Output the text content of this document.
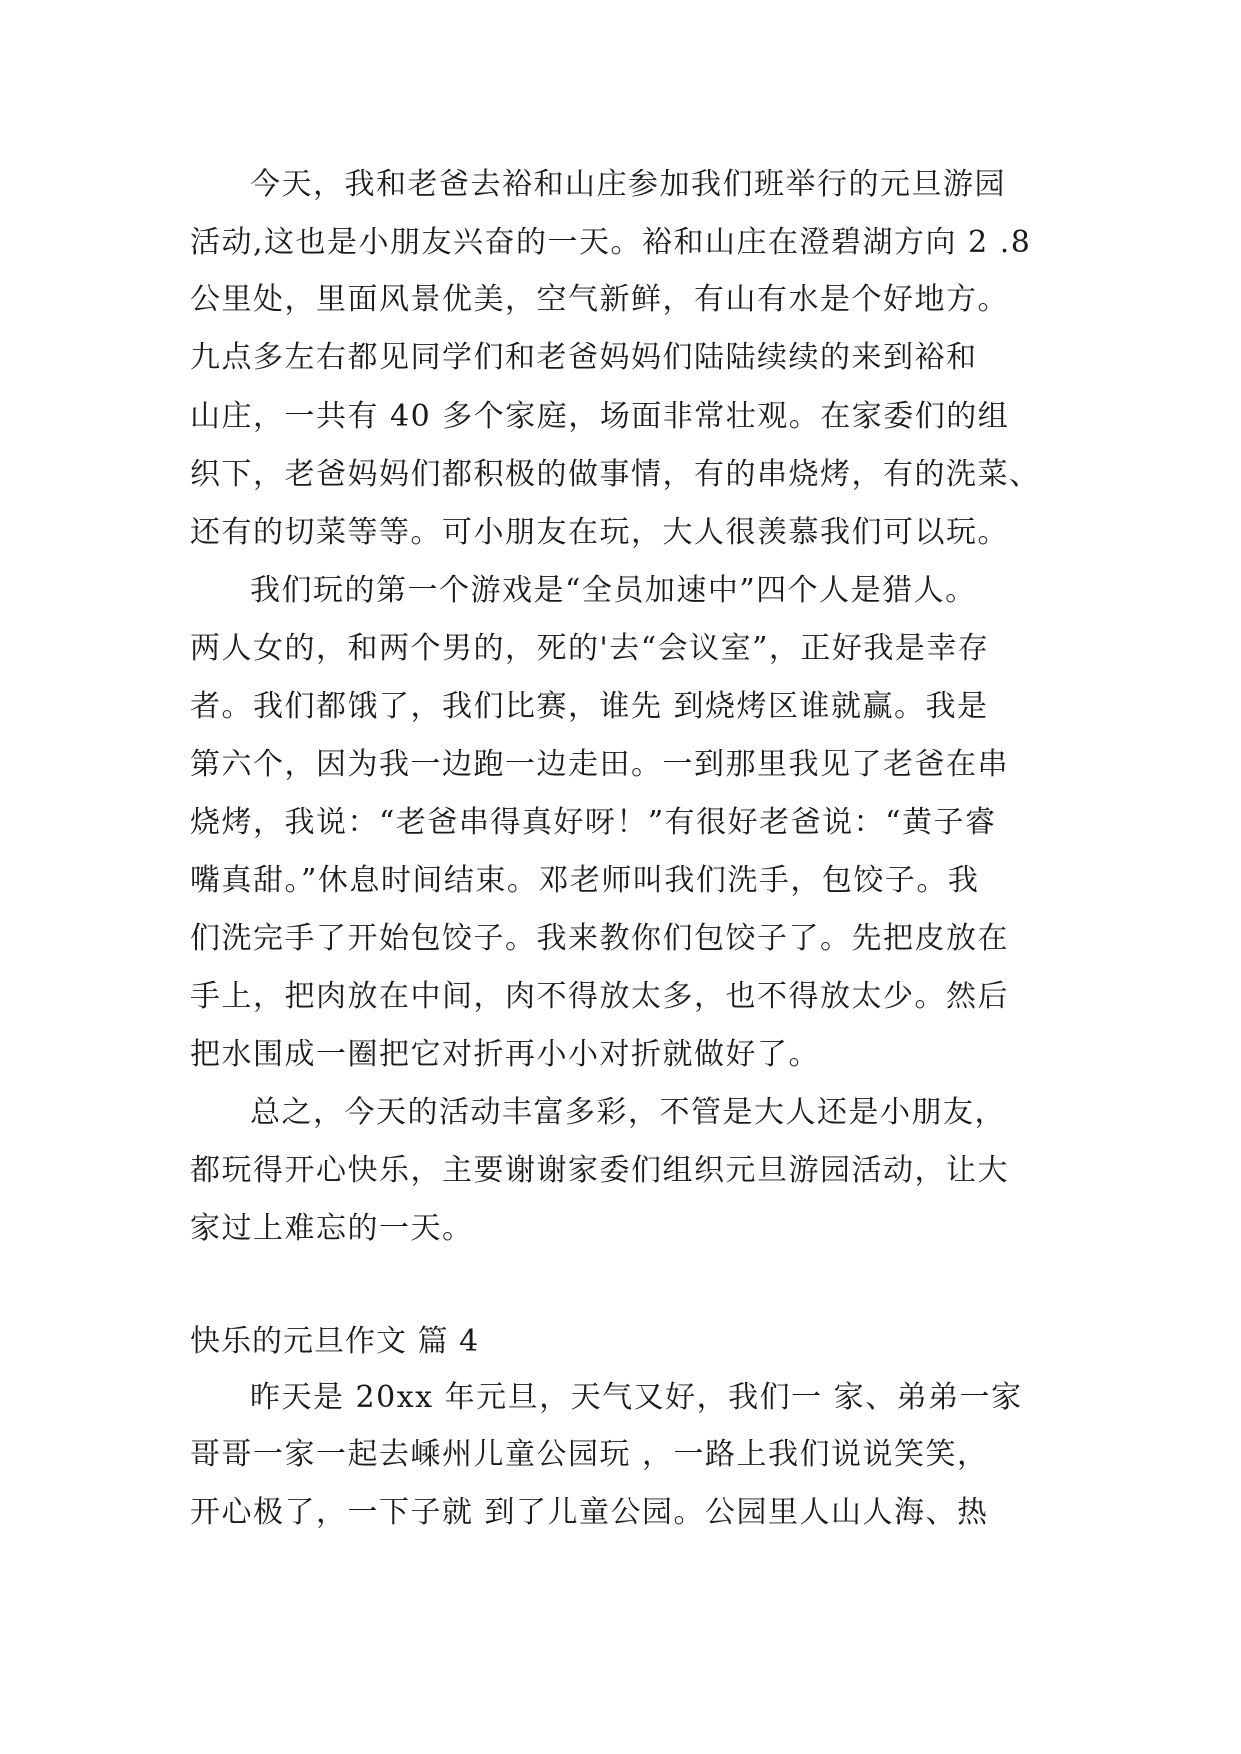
今天，我和老爸去裕和山庄参加我们班举行的元旦游园
活动,这也是小朋友兴奋的一天。裕和山庄在澄碧湖方向 2 .8
公里处，里面风景优美，空气新鲜，有山有水是个好地方。
九点多左右都见同学们和老爸妈妈们陆陆续续的来到裕和
山庄，一共有 40 多个家庭，场面非常壮观。在家委们的组
织下，老爸妈妈们都积极的做事情，有的串烧烤，有的洗菜、
还有的切菜等等。可小朋友在玩，大人很羡慕我们可以玩。
我们玩的第一个游戏是“全员加速中”四个人是猎人。
两人女的，和两个男的，死的'去“会议室”，正好我是幸存
者。我们都饿了，我们比赛，谁先 到烧烤区谁就赢。我是
第六个，因为我一边跑一边走田。一到那里我见了老爸在串
烧烤，我说：“老爸串得真好呀！”有很好老爸说：“黄子睿
嘴真甜。”休息时间结束。邓老师叫我们洗手，包饺子。我
们洗完手了开始包饺子。我来教你们包饺子了。先把皮放在
手上，把肉放在中间，肉不得放太多，也不得放太少。然后
把水围成一圈把它对折再小小对折就做好了。
总之，今天的活动丰富多彩，不管是大人还是小朋友，
都玩得开心快乐，主要谢谢家委们组织元旦游园活动，让大
家过上难忘的一天。
快乐的元旦作文 篇 4
昨天是 20xx 年元旦，天气又好，我们一 家、弟弟一家
哥哥一家一起去嵊州儿童公园玩 ，一路上我们说说笑笑，
开心极了，一下子就 到了儿童公园。公园里人山人海、热
